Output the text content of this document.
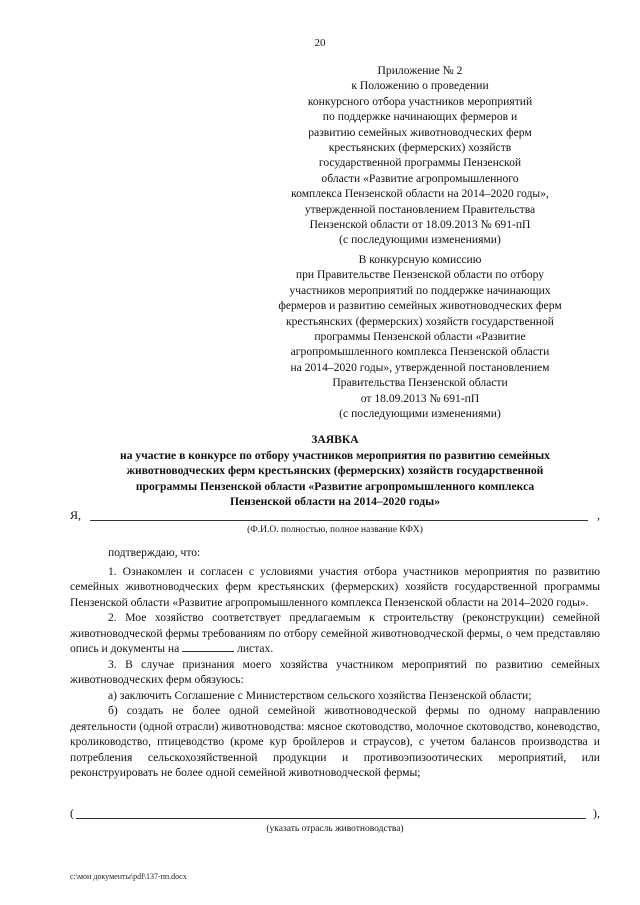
20
Приложение № 2
к Положению о проведении
конкурсного отбора участников мероприятий
по поддержке начинающих фермеров и
развитию семейных животноводческих ферм
крестьянских (фермерских) хозяйств
государственной программы Пензенской
области «Развитие агропромышленного
комплекса Пензенской области на 2014–2020 годы»,
утвержденной постановлением Правительства
Пензенской области от 18.09.2013 № 691-пП
(с последующими изменениями)
В конкурсную комиссию
при Правительстве Пензенской области по отбору
участников мероприятий по поддержке начинающих
фермеров и развитию семейных животноводческих ферм
крестьянских (фермерских) хозяйств государственной
программы Пензенской области «Развитие
агропромышленного комплекса Пензенской области
на 2014–2020 годы», утвержденной постановлением
Правительства Пензенской области
от 18.09.2013 № 691-пП
(с последующими изменениями)
ЗАЯВКА
на участие в конкурсе по отбору участников мероприятия по развитию семейных
животноводческих ферм крестьянских (фермерских) хозяйств государственной
программы Пензенской области «Развитие агропромышленного комплекса
Пензенской области на 2014–2020 годы»
Я,	,
(Ф.И.О. полностью, полное название КФХ)

подтверждаю, что:

1. Ознакомлен и согласен с условиями участия отбора участников мероприятия по развитию семейных животноводческих ферм крестьянских (фермерских) хозяйств государственной программы Пензенской области «Развитие агропромышленного комплекса Пензенской области на 2014–2020 годы».

2. Мое хозяйство соответствует предлагаемым к строительству (реконструкции) семейной животноводческой фермы требованиям по отбору семейной животноводческой фермы, о чем представляю опись и документы на	листах.

3. В случае признания моего хозяйства участником мероприятий по развитию семейных животноводческих ферм обязуюсь:

а) заключить Соглашение с Министерством сельского хозяйства Пензенской области;

б) создать не более одной семейной животноводческой фермы по одному направлению деятельности (одной отрасли) животноводства: мясное скотоводство, молочное скотоводство, коневодство, кролиководство, птицеводство (кроме кур бройлеров и страусов), с учетом балансов производства и потребления сельскохозяйственной продукции и противоэпизоотических мероприятий, или реконструировать не более одной семейной животноводческой фермы;

(	),
(указать отрасль животноводства)
c:\мои документы\pdf\137-пп.docx
